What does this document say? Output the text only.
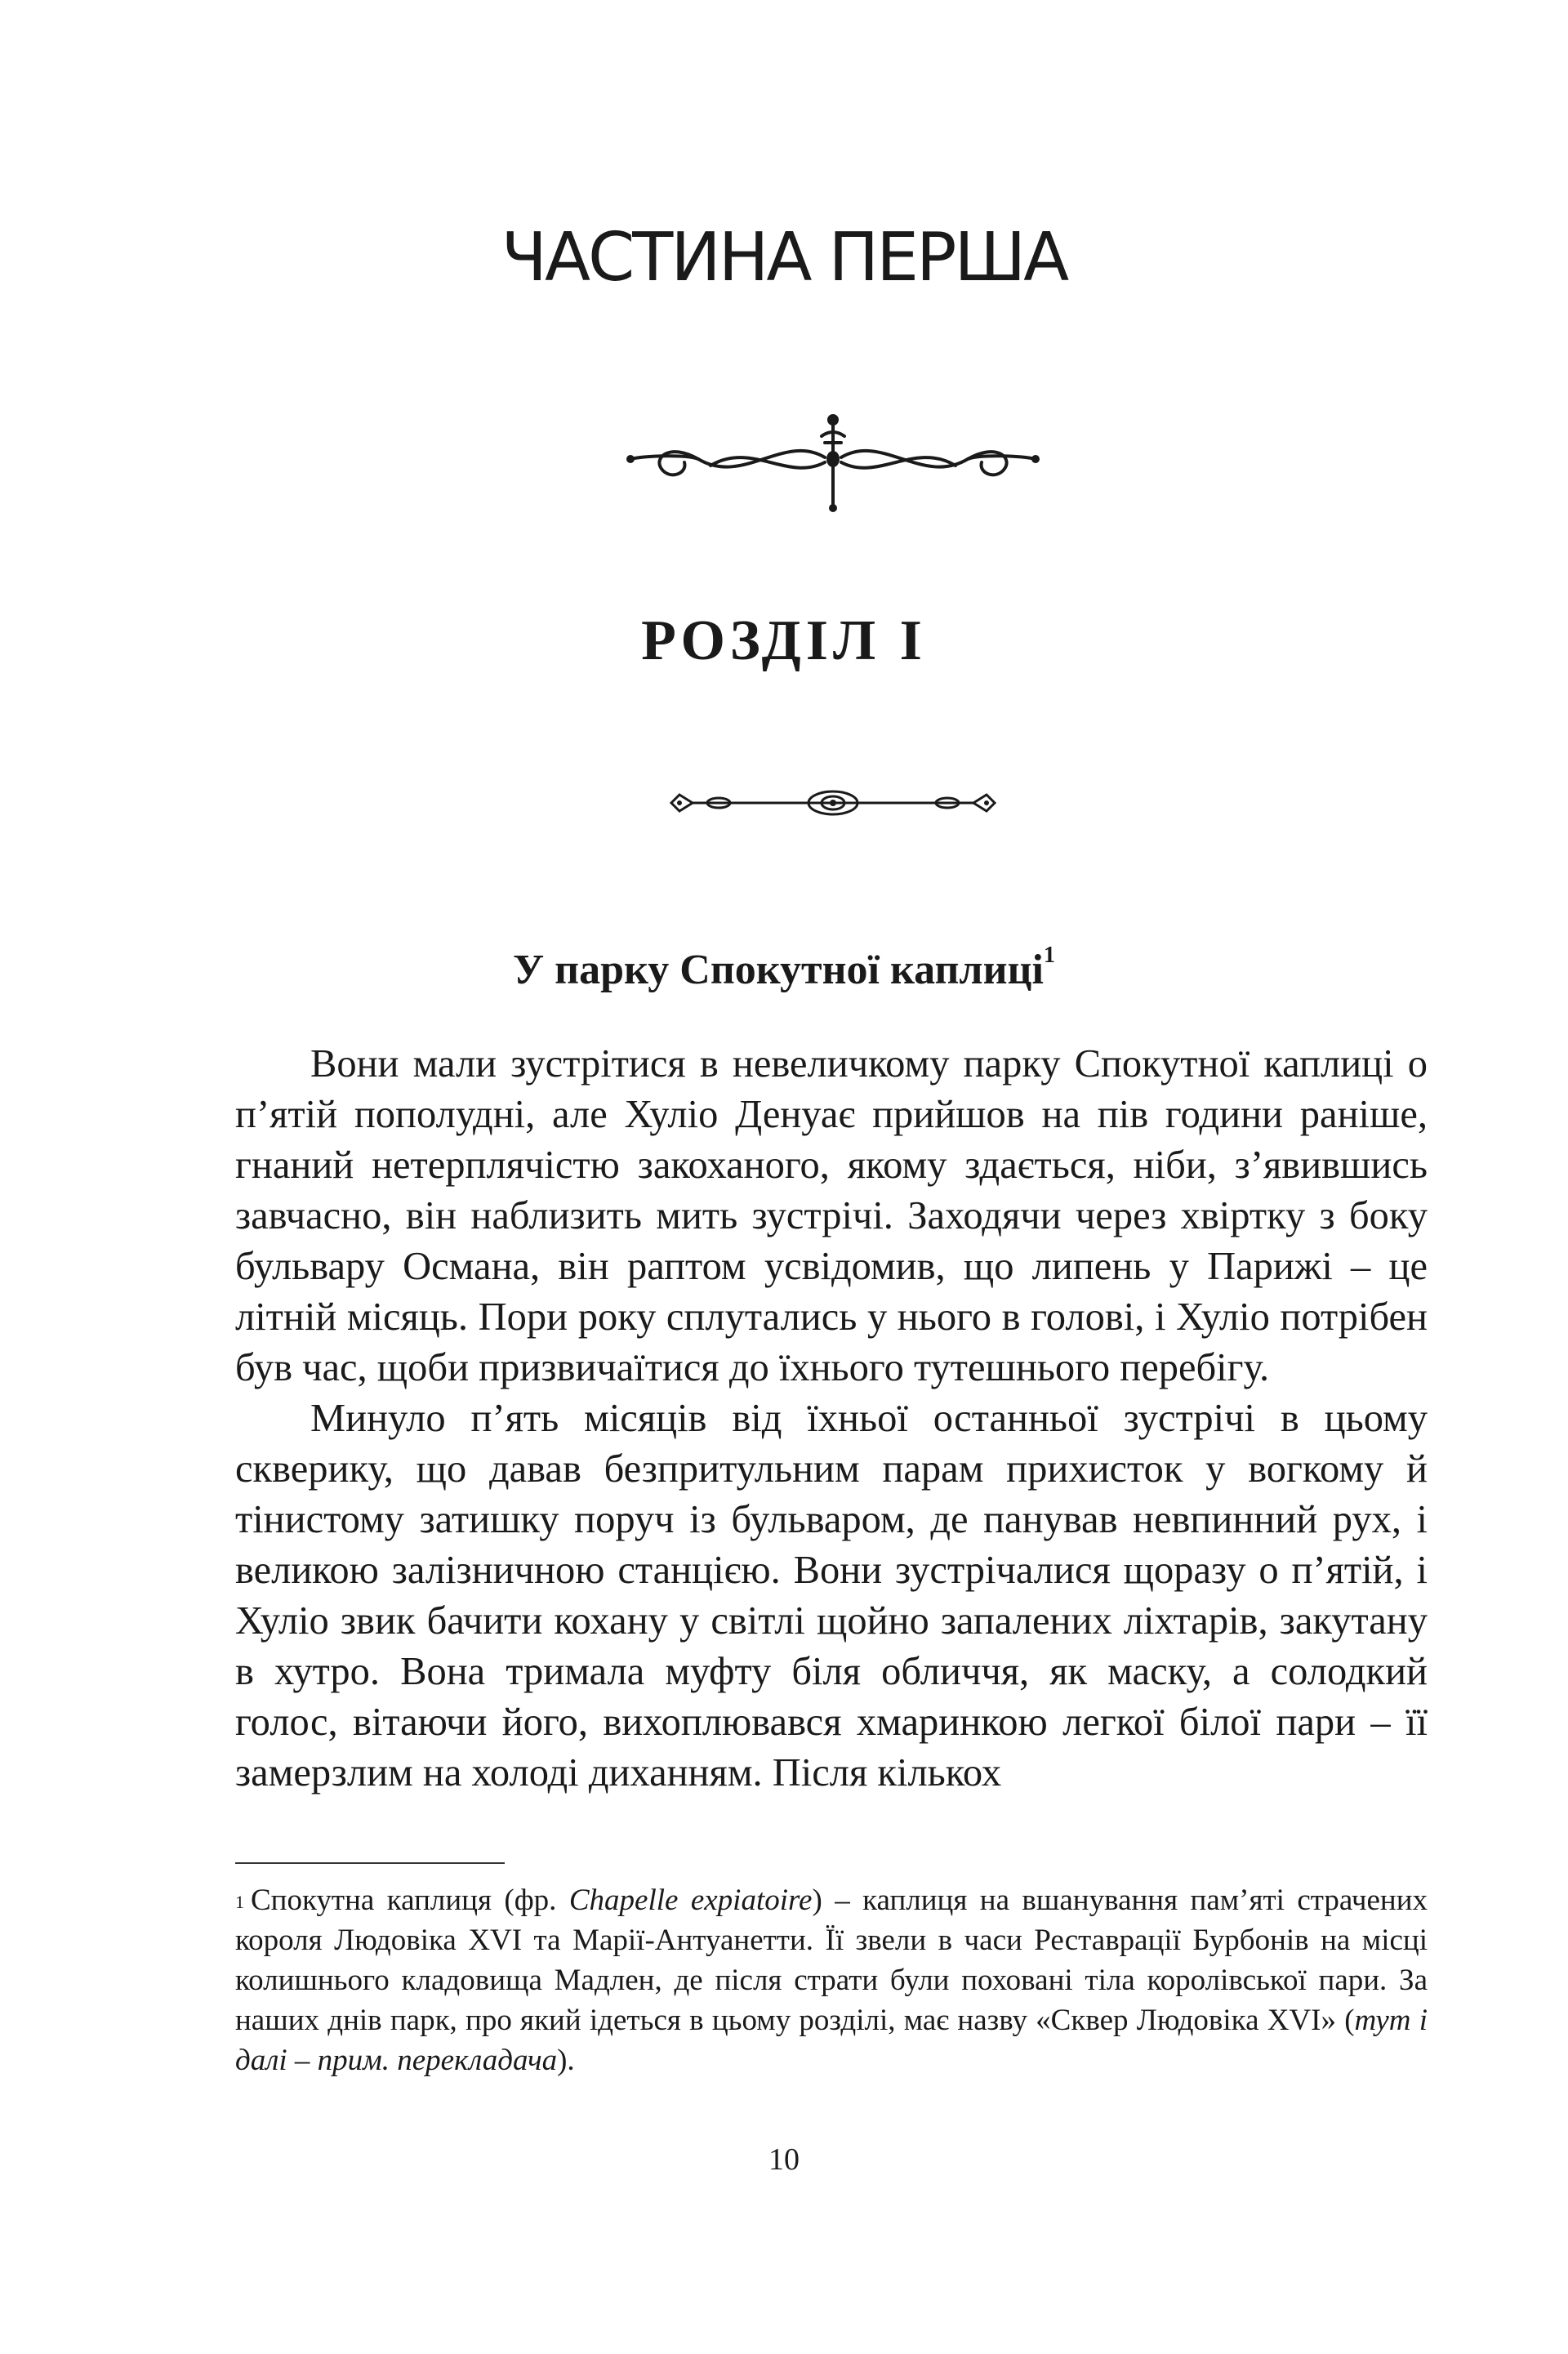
ЧАСТИНА ПЕРША
РОЗДІЛ І
У парку Спокутної каплиці$^1$

Вони мали зустрітися в невеличкому парку Спокутної каплиці о п’ятій пополудні, але Хуліо Денуає прийшов на пів години раніше, гнаний нетерплячістю закоханого, якому здається, ніби, з’явившись завчасно, він наблизить мить зустрічі. Заходячи через хвіртку з боку бульвару Османа, він раптом усвідомив, що липень у Парижі – це літній місяць. Пори року сплутались у нього в голові, і Хуліо потрібен був час, щоби призвичаїтися до їхнього тутешнього перебігу.

Минуло п’ять місяців від їхньої останньої зустрічі в цьому скверику, що давав безпритульним парам прихисток у вогкому й тінистому затишку поруч із бульваром, де панував невпинний рух, і великою залізничною станцією. Вони зустрічалися щоразу о п’ятій, і Хуліо звик бачити кохану у світлі щойно запалених ліхтарів, закутану в хутро. Вона тримала муфту біля обличчя, як маску, а солодкий голос, вітаючи його, вихоплювався хмаринкою легкої білої пари – її замерзлим на холоді диханням. Після кількох

$^1$ Спокутна каплиця (фр. Chapelle expiatoire) – каплиця на вшанування пам’яті страчених короля Людовіка XVI та Марії-Антуанетти. Її звели в часи Реставрації Бурбонів на місці колишнього кладовища Мадлен, де після страти були поховані тіла королівської пари. За наших днів парк, про який ідеться в цьому розділі, має назву «Сквер Людовіка XVI» (тут і далі – прим. перекладача).

10
